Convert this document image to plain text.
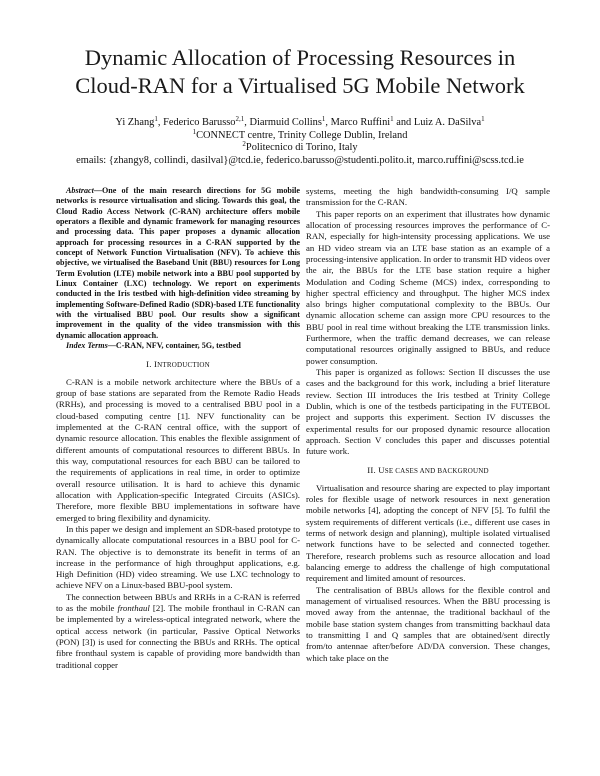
Dynamic Allocation of Processing Resources in
Cloud-RAN for a Virtualised 5G Mobile Network
Yi Zhang$^1$, Federico Barusso$^{2,1}$, Diarmuid Collins$^1$, Marco Ruffini$^1$ and Luiz A. DaSilva$^1$
$^1$CONNECT centre, Trinity College Dublin, Ireland
$^2$Politecnico di Torino, Italy
emails: {zhangy8, collindi, dasilval}@tcd.ie, federico.barusso@studenti.polito.it, marco.ruffini@scss.tcd.ie

Abstract—One of the main research directions for 5G mobile networks is resource virtualisation and slicing. Towards this goal, the Cloud Radio Access Network (C-RAN) architecture offers mobile operators a flexible and dynamic framework for managing resources and processing data. This paper proposes a dynamic allocation approach for processing resources in a C-RAN supported by the concept of Network Function Virtualisation (NFV). To achieve this objective, we virtualised the Baseband Unit (BBU) resources for Long Term Evolution (LTE) mobile network into a BBU pool supported by Linux Container (LXC) technology. We report on experiments conducted in the Iris testbed with high-definition video streaming by implementing Software-Defined Radio (SDR)-based LTE functionality with the virtualised BBU pool. Our results show a significant improvement in the quality of the video transmission with this dynamic allocation approach.

Index Terms—C-RAN, NFV, container, 5G, testbed

I. INTRODUCTION

C-RAN is a mobile network architecture where the BBUs of a group of base stations are separated from the Remote Radio Heads (RRHs), and processing is moved to a centralised BBU pool in a cloud-based computing centre [1]. NFV functionality can be implemented at the C-RAN central office, with the support of dynamic resource allocation. This enables the flexible assignment of different amounts of computational resources to different BBUs. In this way, computational resources for each BBU can be tailored to the requirements of applications in real time, in order to optimize overall resource utilisation. It is hard to achieve this dynamic allocation with Application-specific Integrated Circuits (ASICs). Therefore, more flexible BBU implementations in software have emerged to bring flexibility and dynamicity.

In this paper we design and implement an SDR-based prototype to dynamically allocate computational resources in a BBU pool for C-RAN. The objective is to demonstrate its benefit in terms of an increase in the performance of high throughput applications, e.g. High Definition (HD) video streaming. We use LXC technology to achieve NFV on a Linux-based BBU-pool system.

The connection between BBUs and RRHs in a C-RAN is referred to as the mobile fronthaul [2]. The mobile fronthaul in C-RAN can be implemented by a wireless-optical integrated network, where the optical access network (in particular, Passive Optical Networks (PON) [3]) is used for connecting the BBUs and RRHs. The optical fibre fronthaul system is capable of providing more bandwidth than traditional copper

systems, meeting the high bandwidth-consuming I/Q sample transmission for the C-RAN.

This paper reports on an experiment that illustrates how dynamic allocation of processing resources improves the performance of C-RAN, especially for high-intensity processing applications. We use an HD video stream via an LTE base station as an example of a processing-intensive application. In order to transmit HD videos over the air, the BBUs for the LTE base station require a higher Modulation and Coding Scheme (MCS) index, corresponding to higher spectral efficiency and throughput. The higher MCS index also brings higher computational complexity to the BBUs. Our dynamic allocation scheme can assign more CPU resources to the BBU pool in real time without breaking the LTE transmission links. Furthermore, when the traffic demand decreases, we can release computational resources originally assigned to BBUs, and reduce power consumption.

This paper is organized as follows: Section II discusses the use cases and the background for this work, including a brief literature review. Section III introduces the Iris testbed at Trinity College Dublin, which is one of the testbeds participating in the FUTEBOL project and supports this experiment. Section IV discusses the experimental results for our proposed dynamic resource allocation approach. Section V concludes this paper and discusses potential future work.

II. USE CASES AND BACKGROUND

Virtualisation and resource sharing are expected to play important roles for flexible usage of network resources in next generation mobile networks [4], adopting the concept of NFV [5]. To fulfil the system requirements of different verticals (i.e., different use cases in terms of network design and planning), multiple isolated virtualised network functions have to be selected and connected together. Therefore, research problems such as resource allocation and load balancing emerge to address the challenge of high computational requirement and limited amount of resources.

The centralisation of BBUs allows for the flexible control and management of virtualised resources. When the BBU processing is moved away from the antennae, the traditional backhaul of the mobile base station system changes from transmitting backhaul data to transmitting I and Q samples that are obtained/sent directly from/to antennae after/before AD/DA conversion. These changes, which take place on the
